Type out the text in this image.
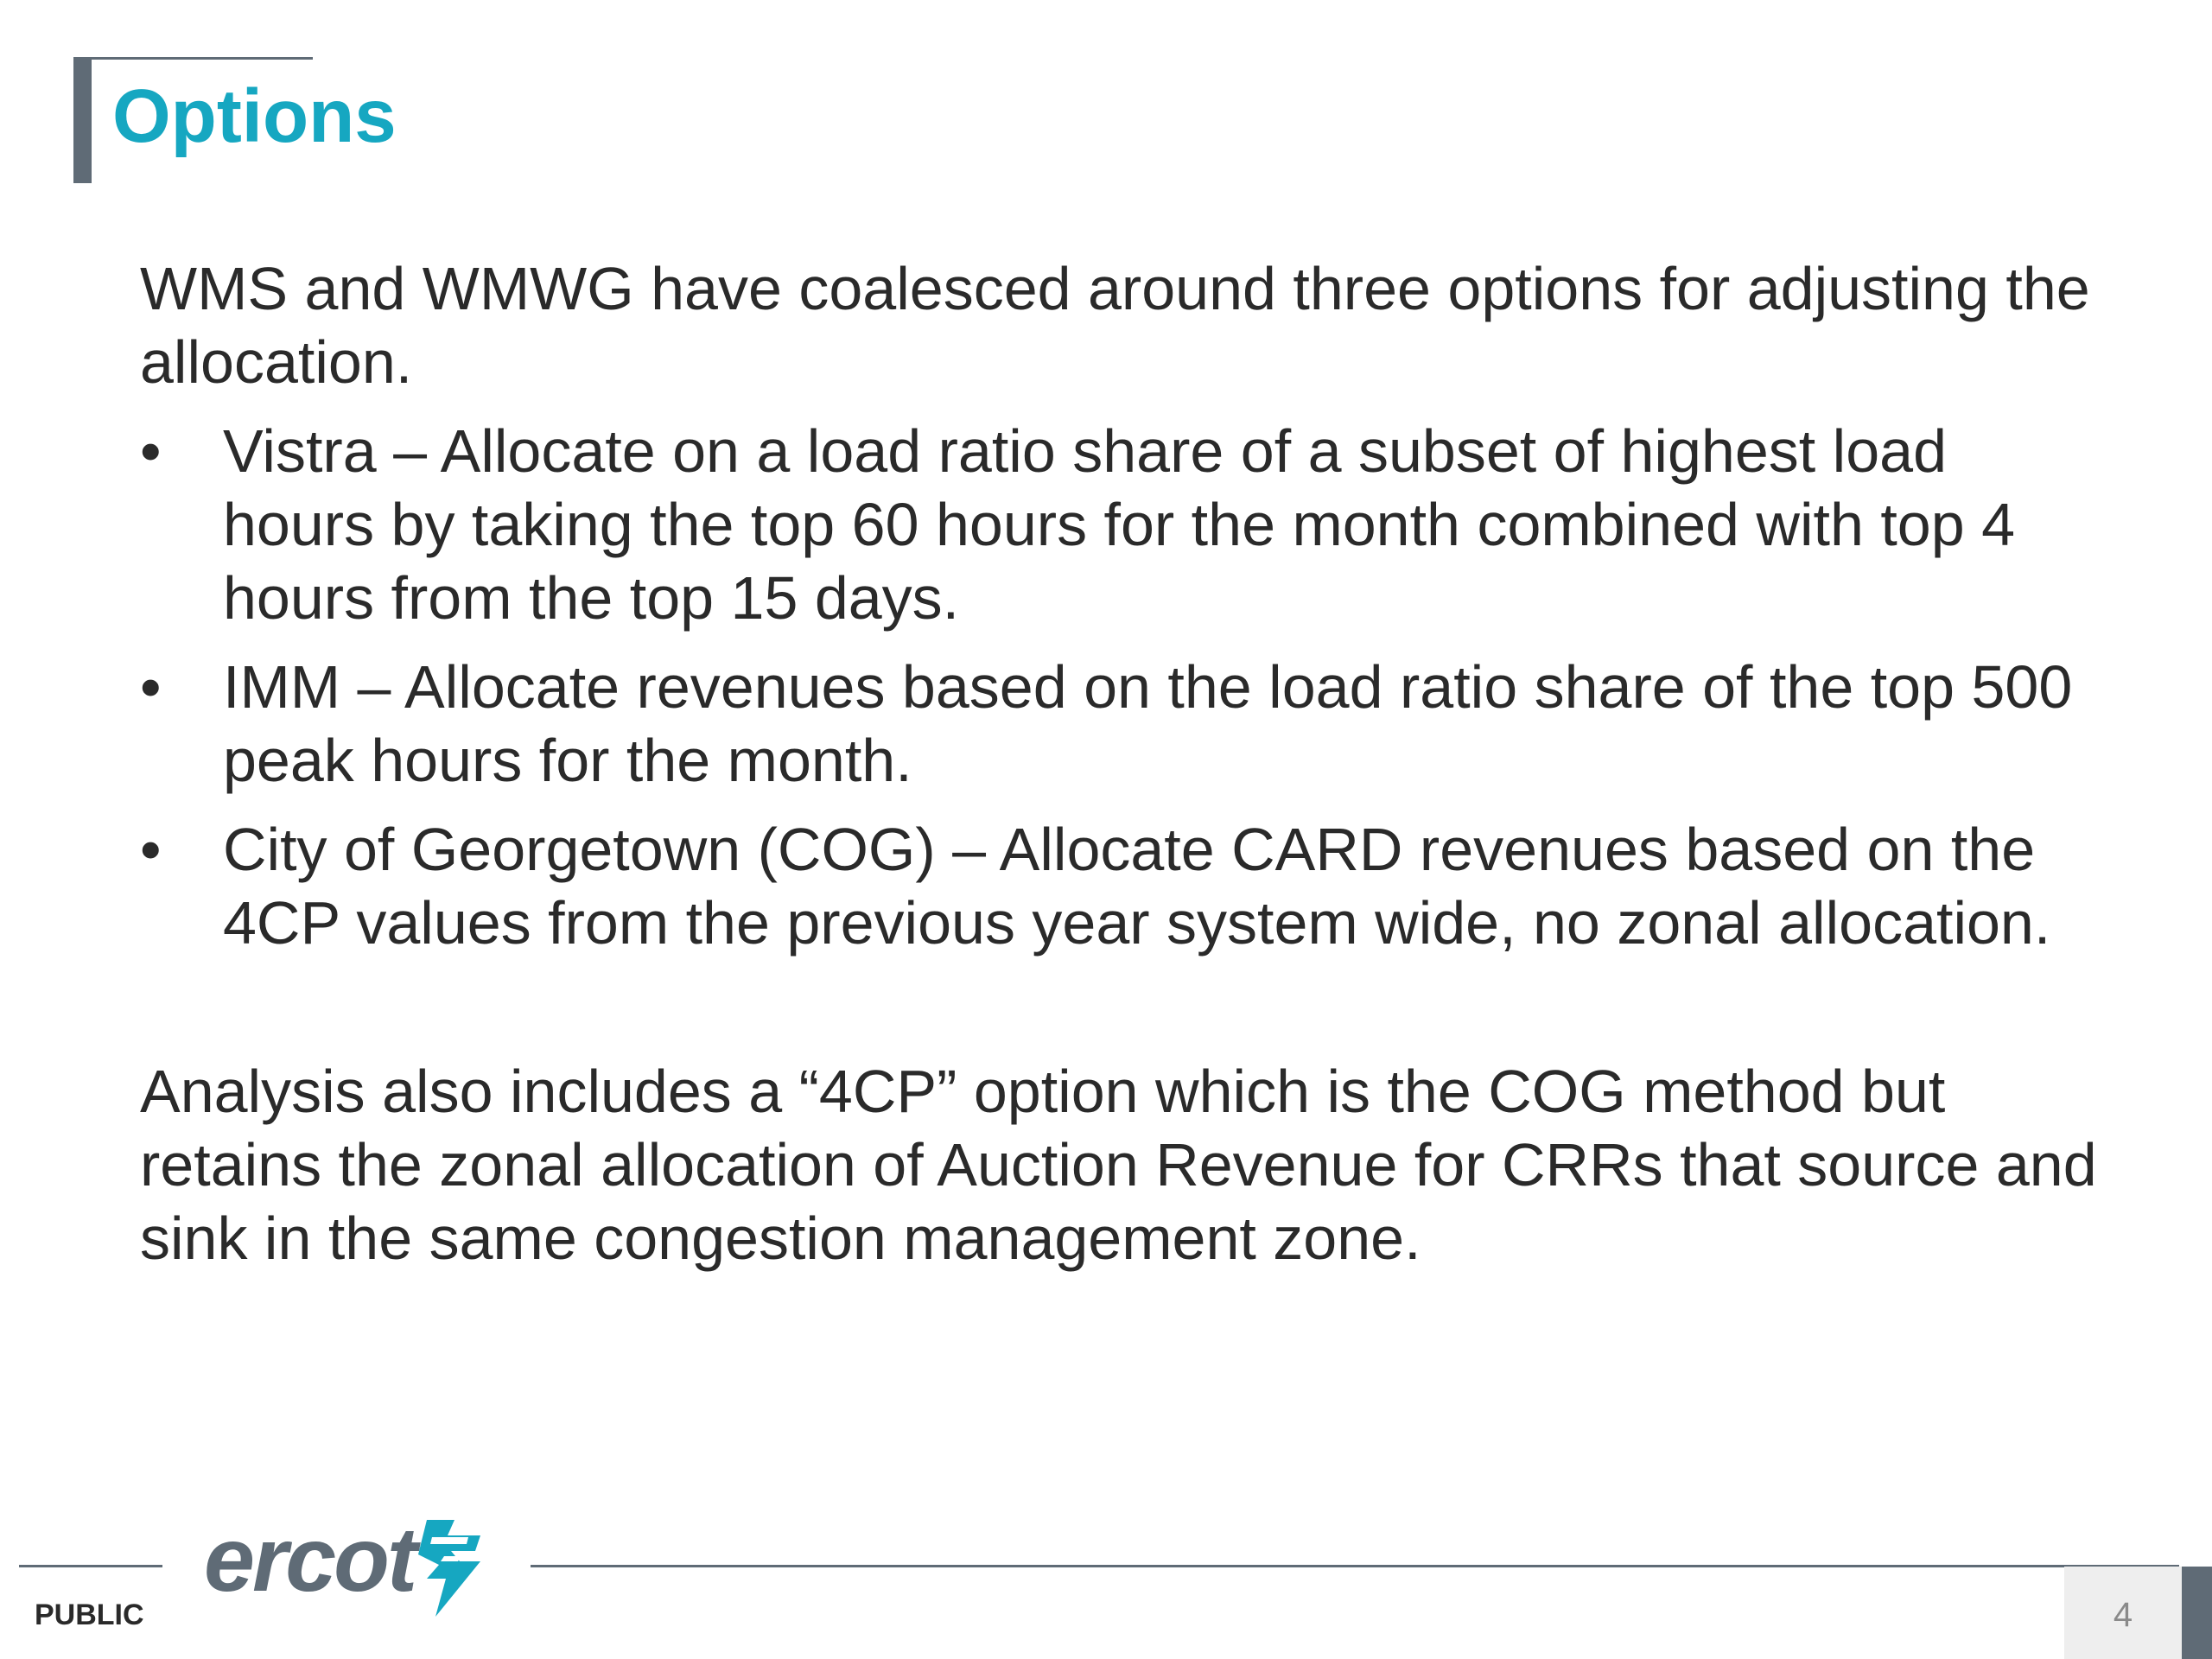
Options

WMS and WMWG have coalesced around three options for adjusting the allocation.

• Vistra – Allocate on a load ratio share of a subset of highest load hours by taking the top 60 hours for the month combined with top 4 hours from the top 15 days.
• IMM – Allocate revenues based on the load ratio share of the top 500 peak hours for the month.
• City of Georgetown (COG) – Allocate CARD revenues based on the 4CP values from the previous year system wide, no zonal allocation.

Analysis also includes a “4CP” option which is the COG method but retains the zonal allocation of Auction Revenue for CRRs that source and sink in the same congestion management zone.

ercot
PUBLIC	4
